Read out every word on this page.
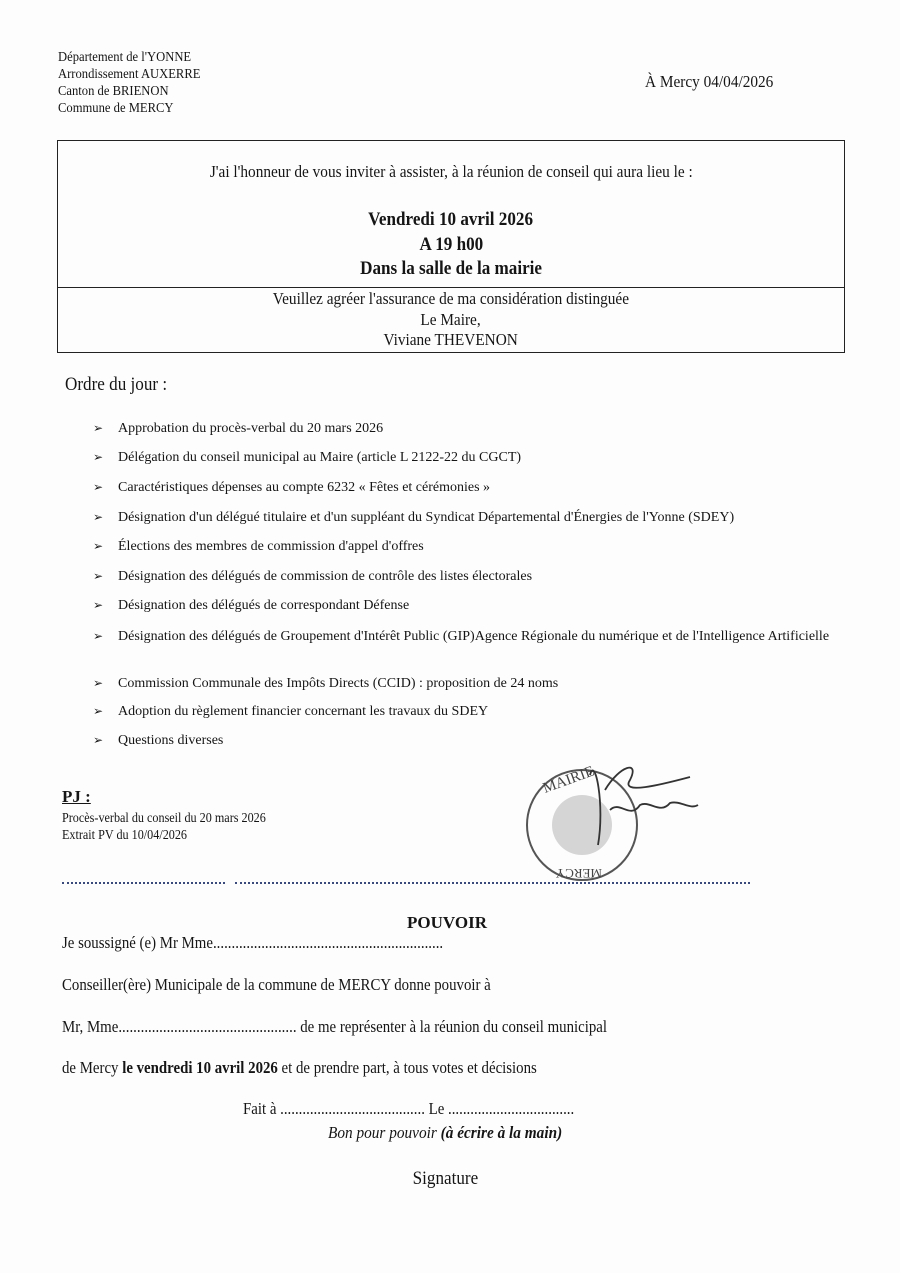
Département de l'YONNE
Arrondissement AUXERRE
Canton de BRIENON
Commune de MERCY
À Mercy 04/04/2026
J'ai l'honneur de vous inviter à assister, à la réunion de conseil qui aura lieu le :
Vendredi 10 avril 2026
A 19 h00
Dans la salle de la mairie
Veuillez agréer l'assurance de ma considération distinguée
Le Maire,
Viviane THEVENON
Ordre du jour :
➢ Approbation du procès-verbal du 20 mars 2026
➢ Délégation du conseil municipal au Maire (article L 2122-22 du CGCT)
➢ Caractéristiques dépenses au compte 6232 « Fêtes et cérémonies »
➢ Désignation d'un délégué titulaire et d'un suppléant du Syndicat Départemental d'Énergies de l'Yonne (SDEY)
➢ Élections des membres de commission d'appel d'offres
➢ Désignation des délégués de commission de contrôle des listes électorales
➢ Désignation des délégués de correspondant Défense
➢ Désignation des délégués de Groupement d'Intérêt Public (GIP)Agence Régionale du numérique et de l'Intelligence Artificielle
➢ Commission Communale des Impôts Directs (CCID) : proposition de 24 noms
➢ Adoption du règlement financier concernant les travaux du SDEY
➢ Questions diverses
PJ :
Procès-verbal du conseil du 20 mars 2026
Extrait PV du 10/04/2026
MAIRIE
MERCY
POUVOIR
Je soussigné (e) Mr Mme..............................................................
Conseiller(ère) Municipale de la commune de MERCY donne pouvoir à
Mr, Mme................................................ de me représenter à la réunion du conseil municipal
de Mercy le vendredi 10 avril 2026 et de prendre part, à tous votes et décisions
Fait à ....................................... Le ..................................
Bon pour pouvoir (à écrire à la main)
Signature
